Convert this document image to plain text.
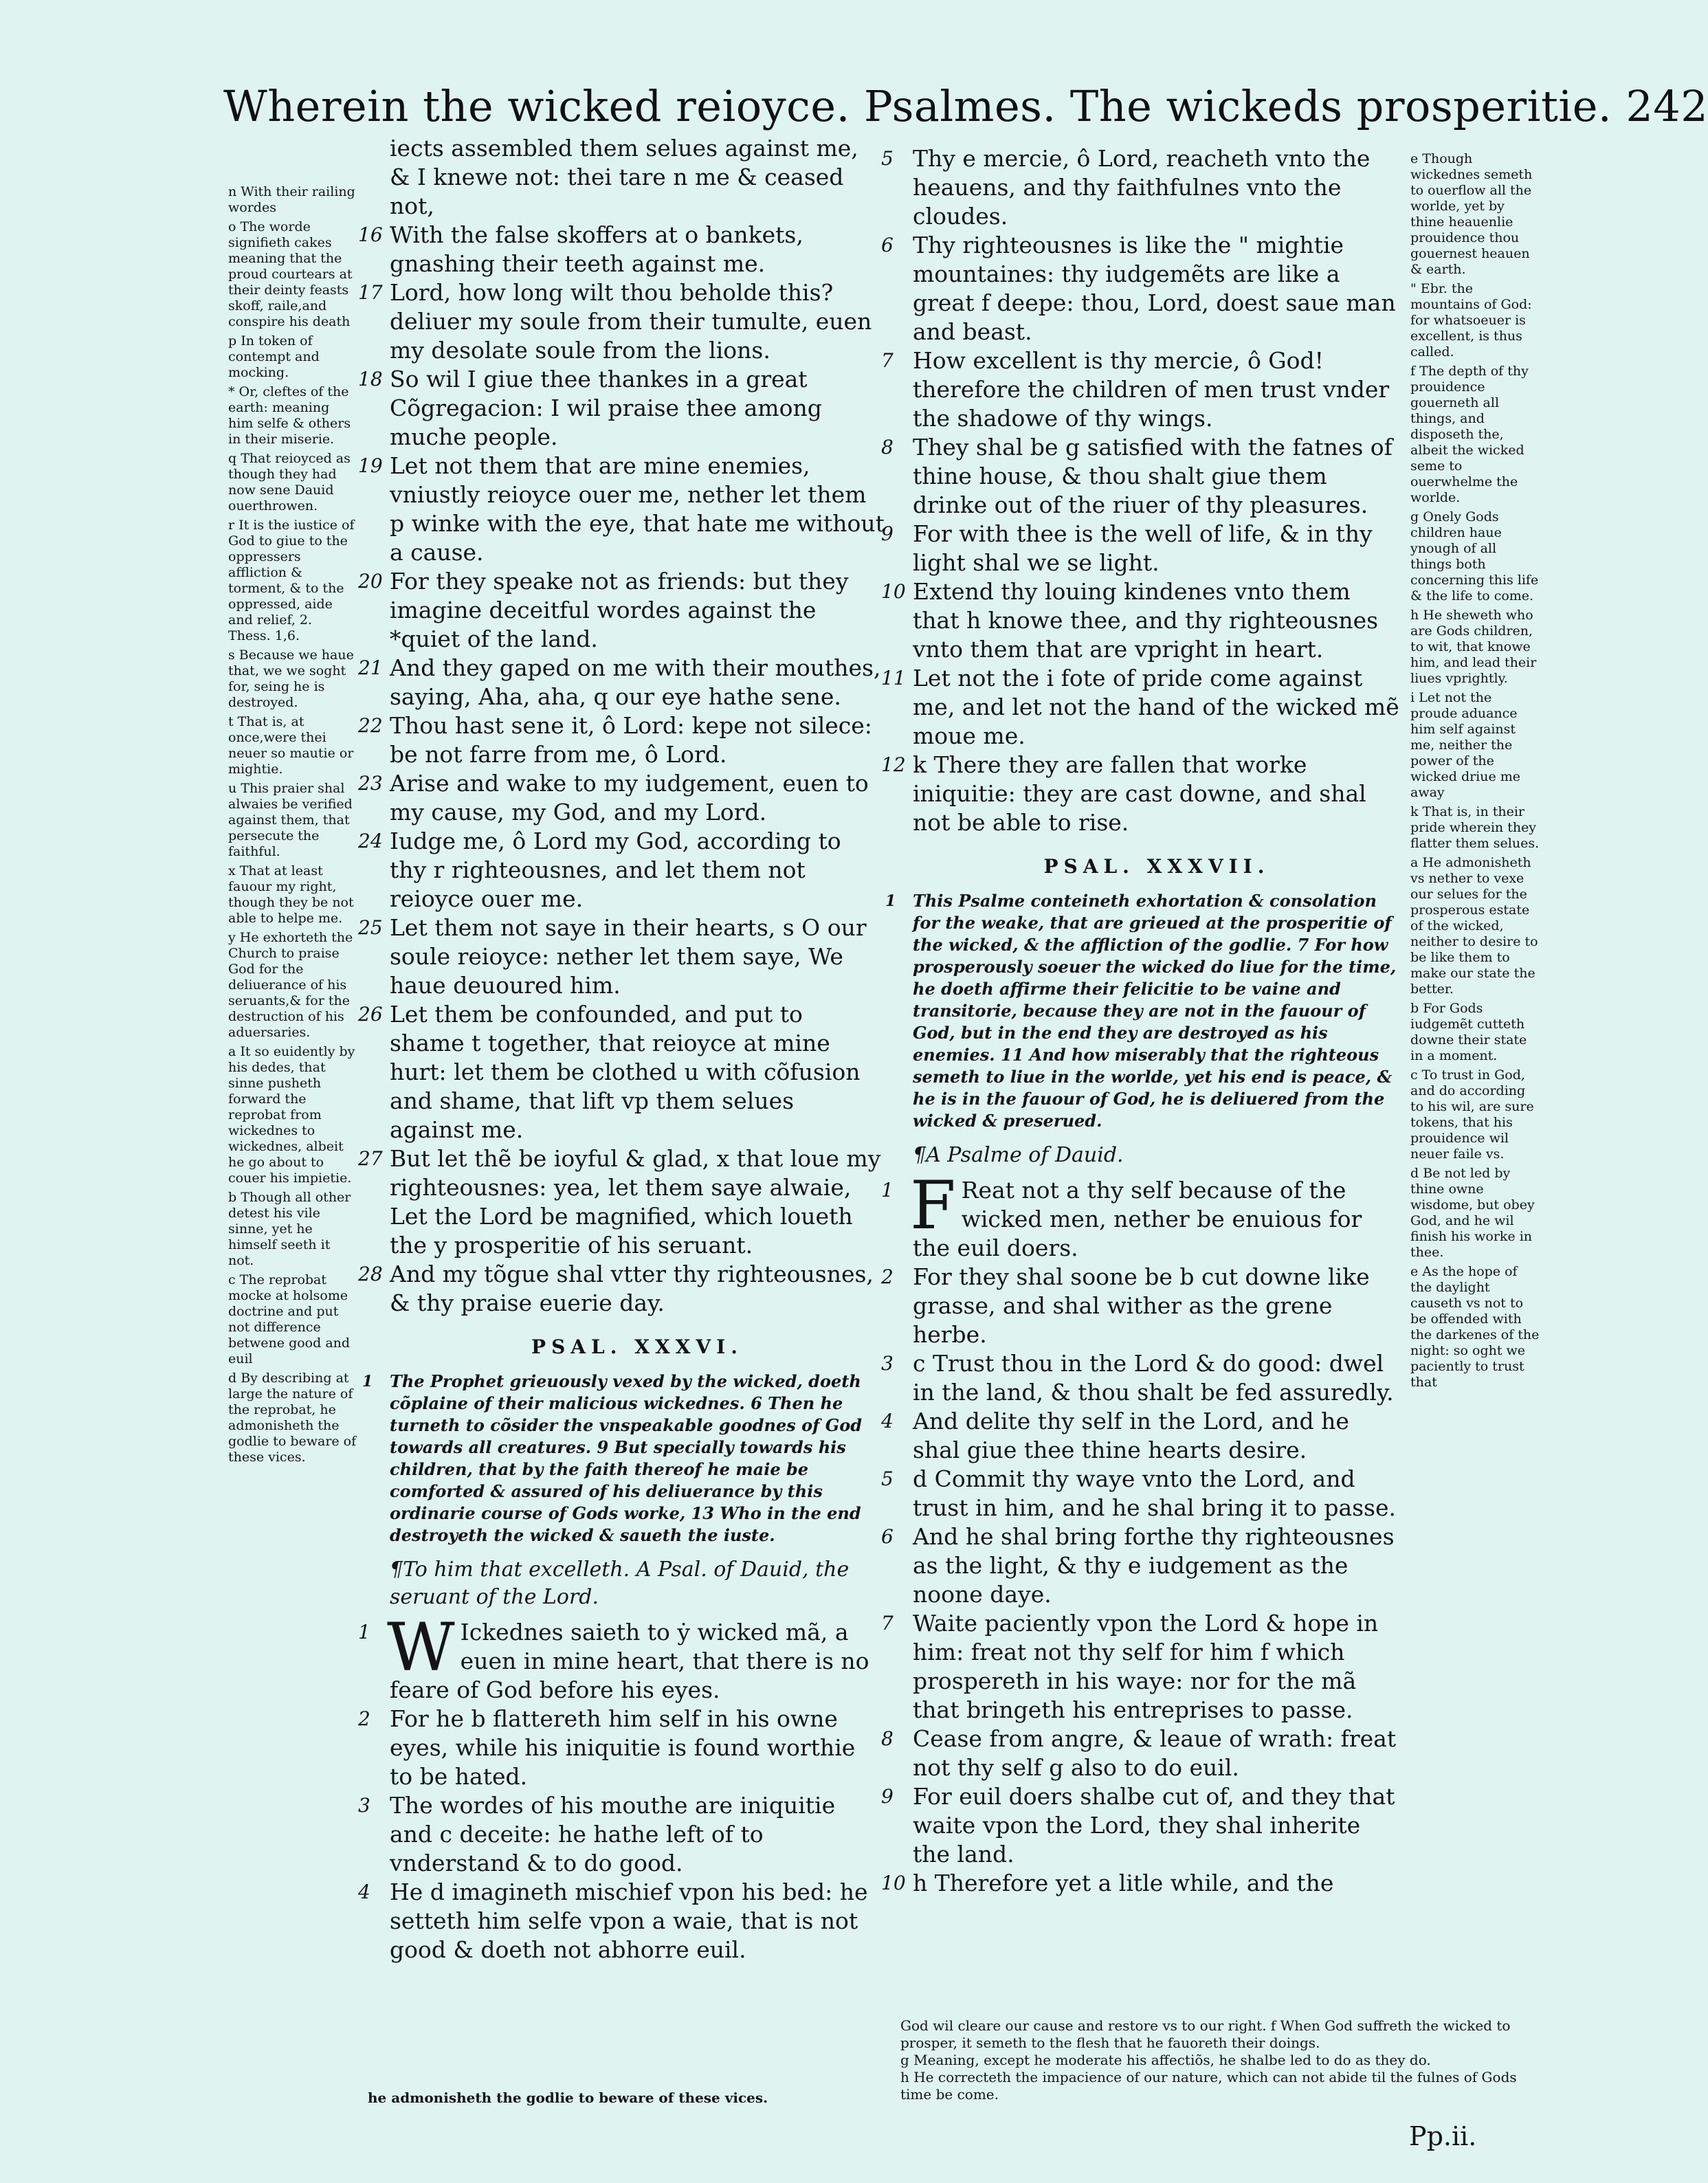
Wherein the wicked reioyce. Psalmes. The wickeds prosperitie. 242
n With their railing wordes
o The worde signifieth cakes meaning that the proud courtears at their deinty feasts skoff, raile,and conspire his death
p In token of contempt and mocking.
* Or, cleftes of the earth: meaning him selfe & others in their miserie.
q That reioyced as though they had now sene Dauid ouerthrowen.
r It is the iustice of God to giue to the oppressers affliction & torment, & to the oppressed, aide and relief, 2. Thess. 1,6.
s Because we haue that, we we soght for, seing he is destroyed.
t That is, at once,were thei neuer so mautie or mightie.
u This praier shal alwaies be verified against them, that persecute the faithful.
x That at least fauour my right, though they be not able to helpe me.
y He exhorteth the Church to praise God for the deliuerance of his seruants,& for the destruction of his aduersaries.
a It so euidently by his dedes, that sinne pusheth forward the reprobat from wickednes to wickednes, albeit he go about to couer his impietie.
b Though all other detest his vile sinne, yet he himself seeth it not.
c The reprobat mocke at holsome doctrine and put not difference betwene good and euil
d By describing at large the nature of the reprobat, he admonisheth the godlie to beware of these vices.
iects assembled them selues against me, & I knewe not: thei tare n me & ceased not,
16 With the false skoffers at o bankets, gnashing their teeth against me.
17 Lord, how long wilt thou beholde this? deliuer my soule from their tumulte, euen my desolate soule from the lions.
18 So wil I giue thee thankes in a great Cõgregacion: I wil praise thee among muche people.
19 Let not them that are mine enemies, vniustly reioyce ouer me, nether let them p winke with the eye, that hate me without a cause.
20 For they speake not as friends: but they imagine deceitful wordes against the *quiet of the land.
21 And they gaped on me with their mouthes, saying, Aha, aha, q our eye hathe sene.
22 Thou hast sene it, ô Lord: kepe not silece: be not farre from me, ô Lord.
23 Arise and wake to my iudgement, euen to my cause, my God, and my Lord.
24 Iudge me, ô Lord my God, according to thy r righteousnes, and let them not reioyce ouer me.
25 Let them not saye in their hearts, s O our soule reioyce: nether let them saye, We haue deuoured him.
26 Let them be confounded, and put to shame t together, that reioyce at mine hurt: let them be clothed u with cõfusion and shame, that lift vp them selues against me.
27 But let thẽ be ioyful & glad, x that loue my righteousnes: yea, let them saye alwaie, Let the Lord be magnified, which loueth the y prosperitie of his seruant.
28 And my tõgue shal vtter thy righteousnes, & thy praise euerie day.
PSAL. XXXVI.
1 The Prophet grieuously vexed by the wicked, doeth cõplaine of their malicious wickednes. 6 Then he turneth to cõsider the vnspeakable goodnes of God towards all creatures. 9 But specially towards his children, that by the faith thereof he maie be comforted & assured of his deliuerance by this ordinarie course of Gods worke, 13 Who in the end destroyeth the wicked & saueth the iuste.
¶To him that excelleth. A Psal. of Dauid, the seruant of the Lord.
W
1	Ickednes saieth to ẏ wicked mã, a euen in mine heart, that there is no feare of God before his eyes.
2 For he b flattereth him self in his owne eyes, while his iniquitie is found worthie to be hated.
3 The wordes of his mouthe are iniquitie and c deceite: he hathe left of to vnderstand & to do good.
4 He d imagineth mischief vpon his bed: he setteth him selfe vpon a waie, that is not good & doeth not abhorre euil.
5 Thy e mercie, ô Lord, reacheth vnto the heauens, and thy faithfulnes vnto the cloudes.
6 Thy righteousnes is like the " mightie mountaines: thy iudgemẽts are like a great f deepe: thou, Lord, doest saue man and beast.
7 How excellent is thy mercie, ô God! therefore the children of men trust vnder the shadowe of thy wings.
8 They shal be g satisfied with the fatnes of thine house, & thou shalt giue them drinke out of the riuer of thy pleasures.
9 For with thee is the well of life, & in thy light shal we se light.
10 Extend thy louing kindenes vnto them that h knowe thee, and thy righteousnes vnto them that are vpright in heart.
11 Let not the i fote of pride come against me, and let not the hand of the wicked mẽ moue me.
12 k There they are fallen that worke iniquitie: they are cast downe, and shal not be able to rise.
PSAL. XXXVII.
1 This Psalme conteineth exhortation & consolation for the weake, that are grieued at the prosperitie of the wicked, & the affliction of the godlie. 7 For how prosperously soeuer the wicked do liue for the time, he doeth affirme their felicitie to be vaine and transitorie, because they are not in the fauour of God, but in the end they are destroyed as his enemies. 11 And how miserably that the righteous semeth to liue in the worlde, yet his end is peace, & he is in the fauour of God, he is deliuered from the wicked & preserued.
¶A Psalme of Dauid.
F
1	Reat not a thy self because of the wicked men, nether be enuious for the euil doers.
2 For they shal soone be b cut downe like grasse, and shal wither as the grene herbe.
3 c Trust thou in the Lord & do good: dwel in the land, & thou shalt be fed assuredly.
4 And delite thy self in the Lord, and he shal giue thee thine hearts desire.
5 d Commit thy waye vnto the Lord, and trust in him, and he shal bring it to passe.
6 And he shal bring forthe thy righteousnes as the light, & thy e iudgement as the noone daye.
7 Waite paciently vpon the Lord & hope in him: freat not thy self for him f which prospereth in his waye: nor for the mã that bringeth his entreprises to passe.
8 Cease from angre, & leaue of wrath: freat not thy self g also to do euil.
9 For euil doers shalbe cut of, and they that waite vpon the Lord, they shal inherite the land.
10 h Therefore yet a litle while, and the
e Though wickednes semeth to ouerflow all the worlde, yet by thine heauenlie prouidence thou gouernest heauen & earth.
" Ebr. the mountains of God: for whatsoeuer is excellent, is thus called.
f The depth of thy prouidence gouerneth all things, and disposeth the, albeit the wicked seme to ouerwhelme the worlde.
g Onely Gods children haue ynough of all things both concerning this life & the life to come.
h He sheweth who are Gods children, to wit, that knowe him, and lead their liues vprightly.
i Let not the proude aduance him self against me, neither the power of the wicked driue me away
k That is, in their pride wherein they flatter them selues.
a He admonisheth vs nether to vexe our selues for the prosperous estate of the wicked, neither to desire to be like them to make our state the better.
b For Gods iudgemẽt cutteth downe their state in a moment.
c To trust in God, and do according to his wil, are sure tokens, that his prouidence wil neuer faile vs.
d Be not led by thine owne wisdome, but obey God, and he wil finish his worke in thee.
e As the hope of the daylight causeth vs not to be offended with the darkenes of the night: so oght we paciently to trust that
he admonisheth the godlie to beware of these vices.
God wil cleare our cause and restore vs to our right. f When God suffreth the wicked to prosper, it semeth to the flesh that he fauoreth their doings.
g Meaning, except he moderate his affectiõs, he shalbe led to do as they do.
h He correcteth the impacience of our nature, which can not abide til the fulnes of Gods time be come.
Pp.ii.
